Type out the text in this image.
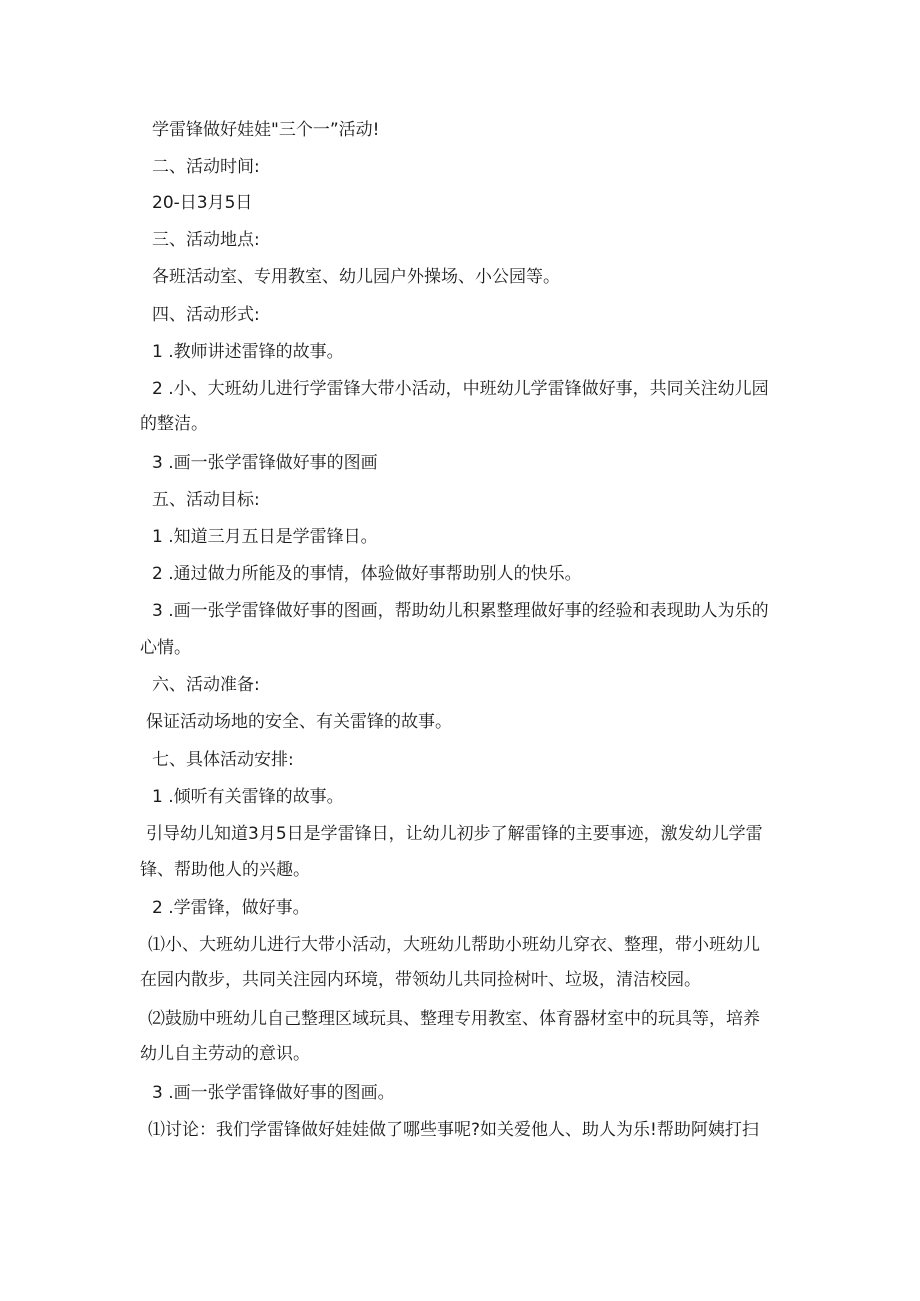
学雷锋做好娃娃"三个一”活动!
二、活动时间:
20-日3月5日
三、活动地点:
各班活动室、专用教室、幼儿园户外操场、小公园等。
四、活动形式:
1 .教师讲述雷锋的故事。
2 .小、大班幼儿进行学雷锋大带小活动，中班幼儿学雷锋做好事，共同关注幼儿园
的整洁。
3 .画一张学雷锋做好事的图画
五、活动目标:
1 .知道三月五日是学雷锋日。
2 .通过做力所能及的事情，体验做好事帮助别人的快乐。
3 .画一张学雷锋做好事的图画，帮助幼儿积累整理做好事的经验和表现助人为乐的
心情。
六、活动准备:
保证活动场地的安全、有关雷锋的故事。
七、具体活动安排:
1 .倾听有关雷锋的故事。
引导幼儿知道3月5日是学雷锋日，让幼儿初步了解雷锋的主要事迹，激发幼儿学雷
锋、帮助他人的兴趣。
2 .学雷锋，做好事。
⑴小、大班幼儿进行大带小活动，大班幼儿帮助小班幼儿穿衣、整理，带小班幼儿
在园内散步，共同关注园内环境，带领幼儿共同捡树叶、垃圾，清洁校园。
⑵鼓励中班幼儿自己整理区域玩具、整理专用教室、体育器材室中的玩具等，培养
幼儿自主劳动的意识。
3 .画一张学雷锋做好事的图画。
⑴讨论：我们学雷锋做好娃娃做了哪些事呢?如关爱他人、助人为乐!帮助阿姨打扫
